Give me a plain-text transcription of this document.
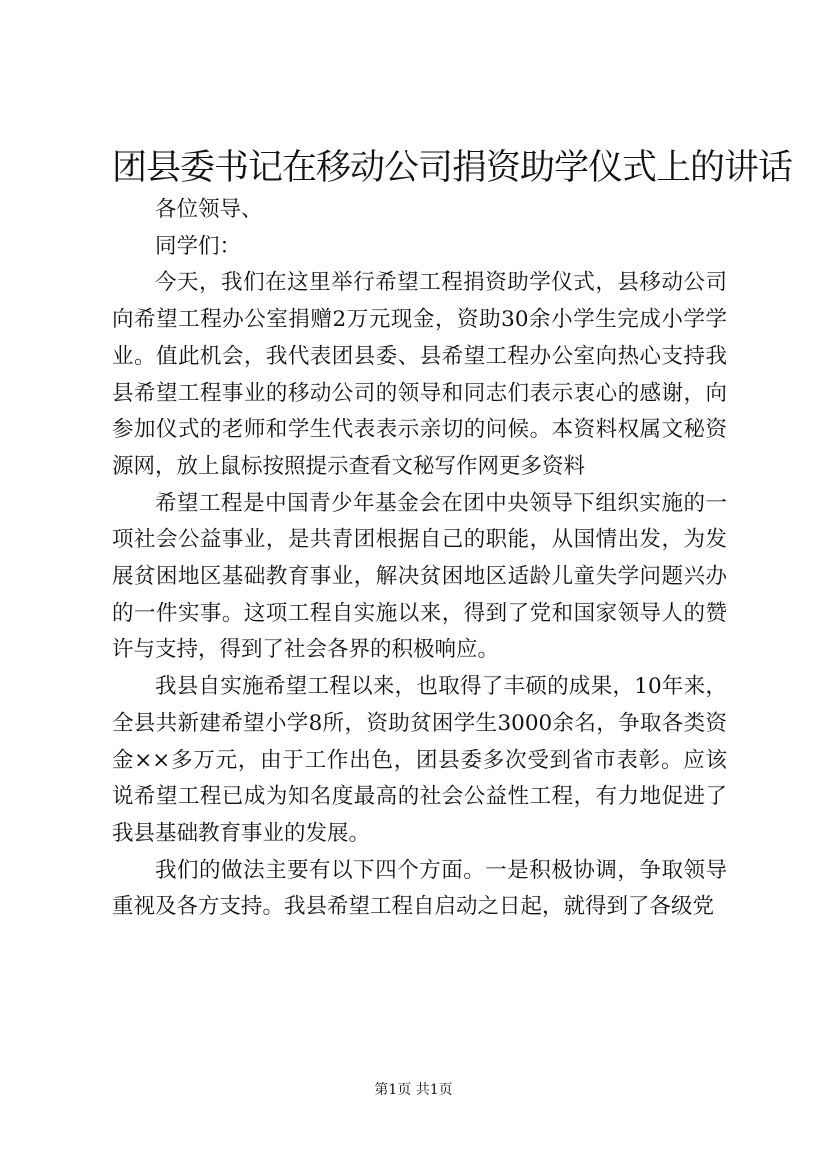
团县委书记在移动公司捐资助学仪式上的讲话

各位领导、

同学们：

今天，我们在这里举行希望工程捐资助学仪式，县移动公司向希望工程办公室捐赠2万元现金，资助30余小学生完成小学学业。值此机会，我代表团县委、县希望工程办公室向热心支持我县希望工程事业的移动公司的领导和同志们表示衷心的感谢，向参加仪式的老师和学生代表表示亲切的问候。本资料权属文秘资源网，放上鼠标按照提示查看文秘写作网更多资料

希望工程是中国青少年基金会在团中央领导下组织实施的一项社会公益事业，是共青团根据自己的职能，从国情出发，为发展贫困地区基础教育事业，解决贫困地区适龄儿童失学问题兴办的一件实事。这项工程自实施以来，得到了党和国家领导人的赞许与支持，得到了社会各界的积极响应。

我县自实施希望工程以来，也取得了丰硕的成果，10年来，全县共新建希望小学8所，资助贫困学生3000余名，争取各类资金××多万元，由于工作出色，团县委多次受到省市表彰。应该说希望工程已成为知名度最高的社会公益性工程，有力地促进了我县基础教育事业的发展。

我们的做法主要有以下四个方面。一是积极协调，争取领导重视及各方支持。我县希望工程自启动之日起，就得到了各级党

第1页 共1页
